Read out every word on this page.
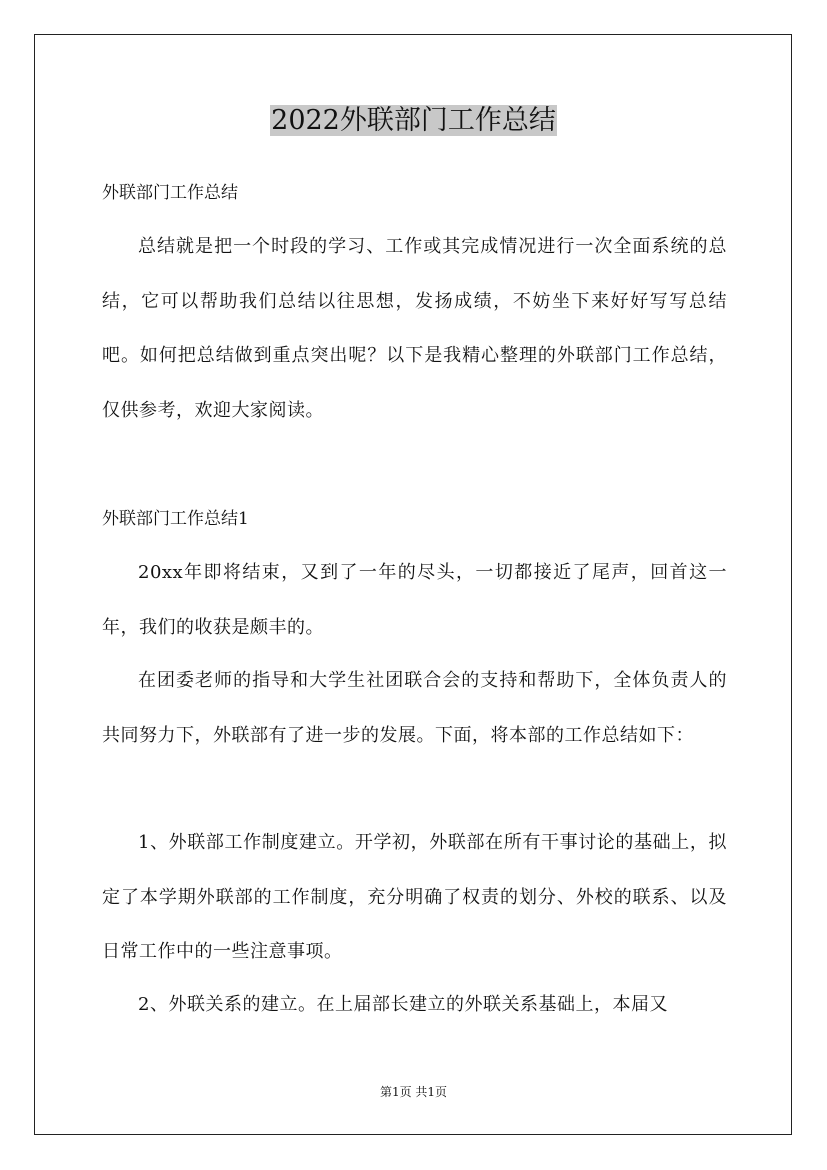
2022外联部门工作总结
外联部门工作总结

总结就是把一个时段的学习、工作或其完成情况进行一次全面系统的总结，它可以帮助我们总结以往思想，发扬成绩，不妨坐下来好好写写总结吧。如何把总结做到重点突出呢？以下是我精心整理的外联部门工作总结，仅供参考，欢迎大家阅读。

外联部门工作总结1

20xx年即将结束，又到了一年的尽头，一切都接近了尾声，回首这一年，我们的收获是颇丰的。

在团委老师的指导和大学生社团联合会的支持和帮助下，全体负责人的共同努力下，外联部有了进一步的发展。下面，将本部的工作总结如下：

1、外联部工作制度建立。开学初，外联部在所有干事讨论的基础上，拟定了本学期外联部的工作制度，充分明确了权责的划分、外校的联系、以及日常工作中的一些注意事项。

2、外联关系的建立。在上届部长建立的外联关系基础上，本届又

第1页 共1页
